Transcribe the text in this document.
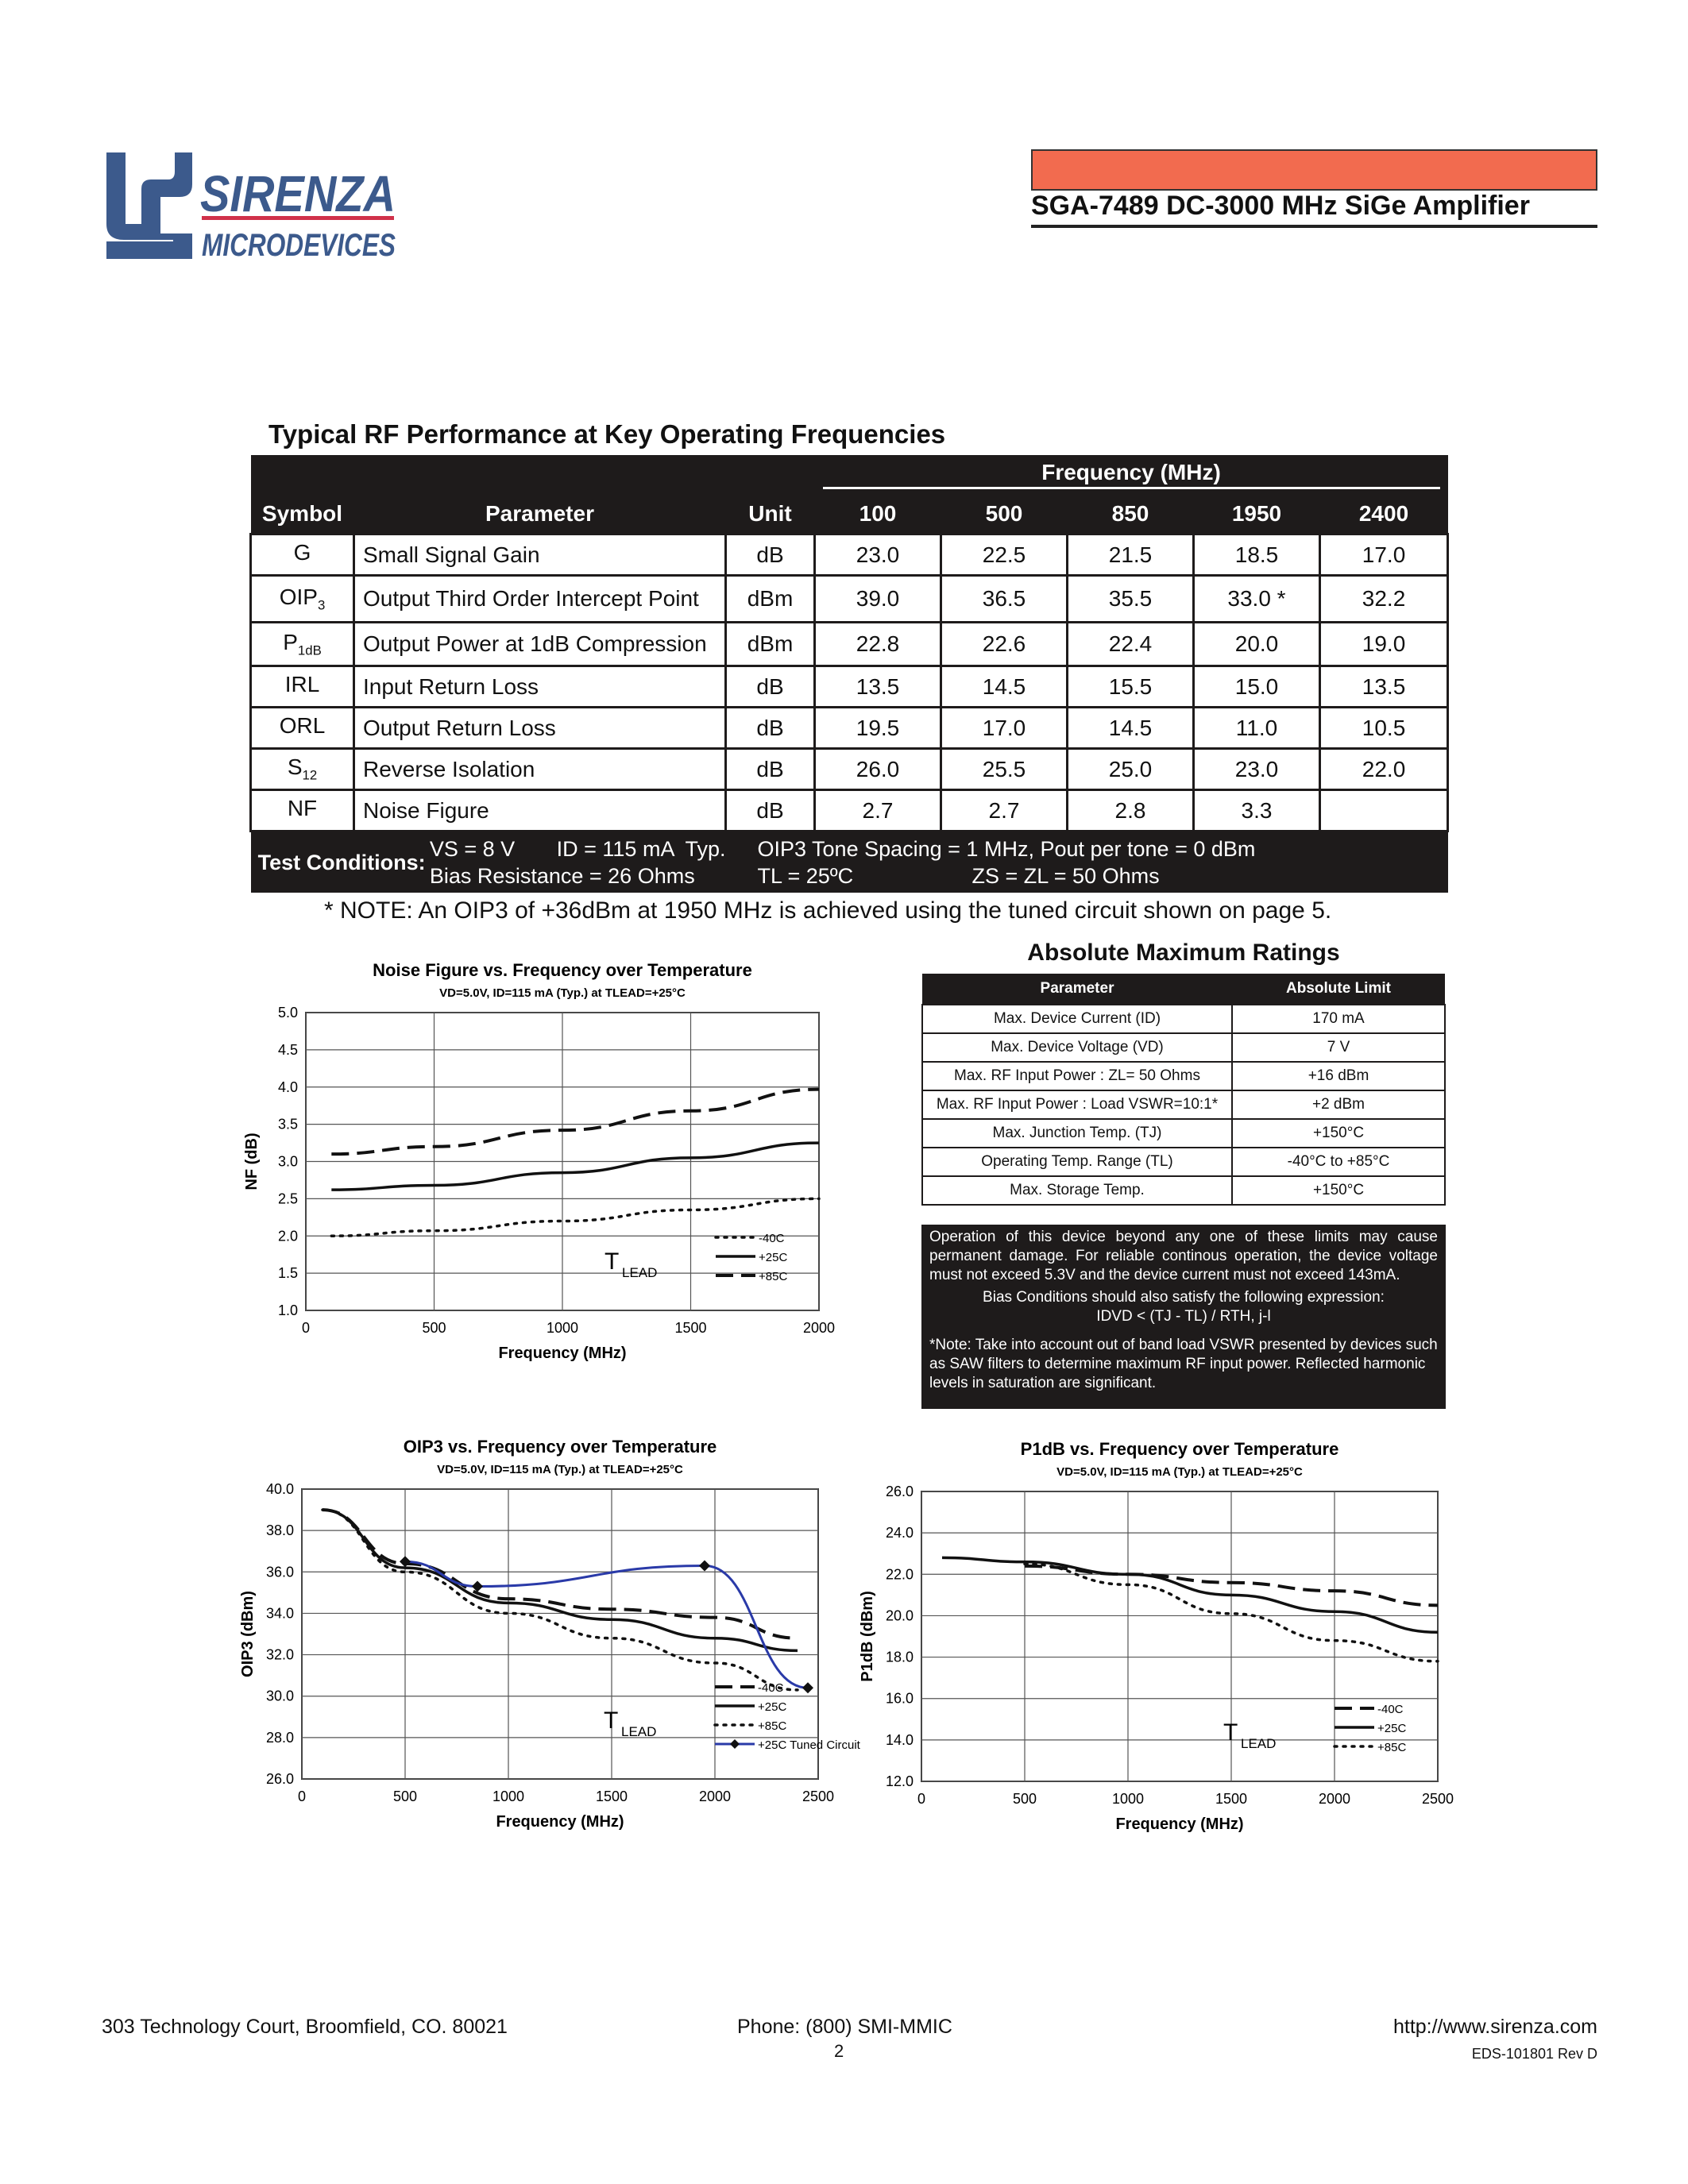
SIRENZA
MICRODEVICES
SGA-7489 DC-3000 MHz SiGe Amplifier
Typical RF Performance at Key Operating Frequencies

			Frequency (MHz)				

Symbol	Parameter	Unit	100	500	850	1950	2400
G	Small Signal Gain	dB	23.0	22.5	21.5	18.5	17.0
$OIP_3$	Output Third Order Intercept Point	dBm	39.0	36.5	35.5	33.0 *	32.2
$P_{1dB}$	Output Power at 1dB Compression	dBm	22.8	22.6	22.4	20.0	19.0
IRL	Input Return Loss	dB	13.5	14.5	15.5	15.0	13.5
ORL	Output Return Loss	dB	19.5	17.0	14.5	11.0	10.5
$S_{12}$	Reverse Isolation	dB	26.0	25.5	25.0	23.0	22.0
NF	Noise Figure	dB	2.7	2.7	2.8	3.3	

Test Conditions:
VS = 8 V       ID = 115 mA  Typ.
Bias Resistance = 26 Ohms		OIP3 Tone Spacing = 1 MHz, Pout per tone = 0 dBm
TL = 25ºC ZS = ZL = 50 Ohms					
* NOTE: An OIP3 of +36dBm at 1950 MHz is achieved using the tuned circuit shown on page 5.
Noise Figure vs. Frequency over Temperature
VD=5.0V, ID=115 mA (Typ.) at TLEAD=+25°C
0	500	1000	1500	2000
1.0
1.5
2.0
2.5
3.0
3.5
4.0
4.5
5.0
Frequency (MHz)
NF (dB)
T LEAD
-40C
+25C
+85C
OIP3 vs. Frequency over Temperature
VD=5.0V, ID=115 mA (Typ.) at TLEAD=+25°C
0	500	1000	1500	2000	2500
26.0
28.0
30.0
32.0
34.0
36.0
38.0
40.0
Frequency (MHz)
OIP3 (dBm)
T LEAD
-40C
+25C
+85C
+25C Tuned Circuit
P1dB vs. Frequency over Temperature
VD=5.0V, ID=115 mA (Typ.) at TLEAD=+25°C
0	500	1000	1500	2000	2500
12.0
14.0
16.0
18.0
20.0
22.0
24.0
26.0
Frequency (MHz)
P1dB (dBm)
T LEAD
-40C
+25C
+85C
Absolute Maximum Ratings
Parameter	Absolute Limit
Max. Device Current (ID)	170 mA
Max. Device Voltage (VD)	7 V
Max. RF Input Power : ZL= 50 Ohms	+16 dBm
Max. RF Input Power : Load VSWR=10:1*	+2 dBm
Max. Junction Temp. (TJ)	+150°C
Operating Temp. Range (TL)	-40°C to +85°C
Max. Storage Temp.	+150°C
Operation of this device beyond any one of these limits may cause permanent damage. For reliable continous operation, the device voltage must not exceed 5.3V and the device current must not exceed 143mA.
Bias Conditions should also satisfy the following expression:
IDVD < (TJ - TL) / RTH, j-l
*Note: Take into account out of band load VSWR presented by devices such as SAW filters to determine maximum RF input power. Reflected harmonic levels in saturation are significant.
303 Technology Court, Broomfield, CO. 80021	Phone: (800) SMI-MMIC	http://www.sirenza.com
2	EDS-101801 Rev D
